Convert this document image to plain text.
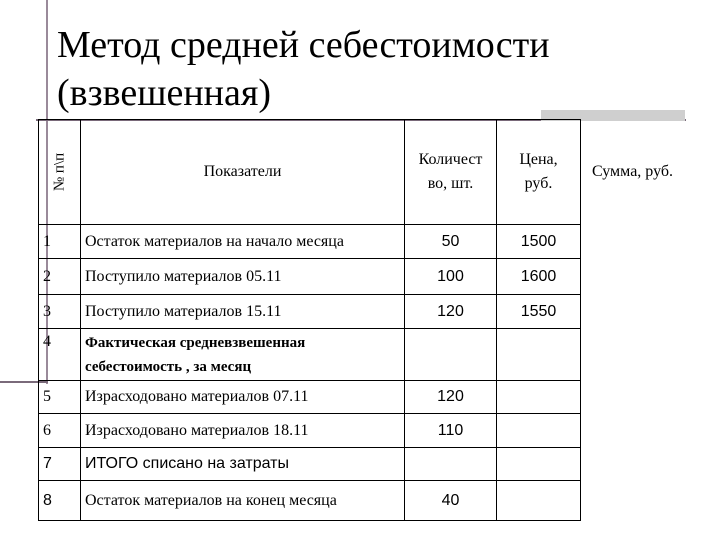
Метод средней себестоимости
(взвешенная)
№ п\п	Показатели	Количест во, шт.	Цена, руб.	Сумма, руб.
1	Остаток материалов на начало месяца	50	1500	
2	Поступило материалов 05.11	100	1600	
3	Поступило материалов 15.11	120	1550	
4	Фактическая средневзвешенная себестоимость , за месяц			
5	Израсходовано материалов 07.11	120		
6	Израсходовано материалов 18.11	110		
7	ИТОГО списано на затраты			
8	Остаток материалов на конец месяца	40		
